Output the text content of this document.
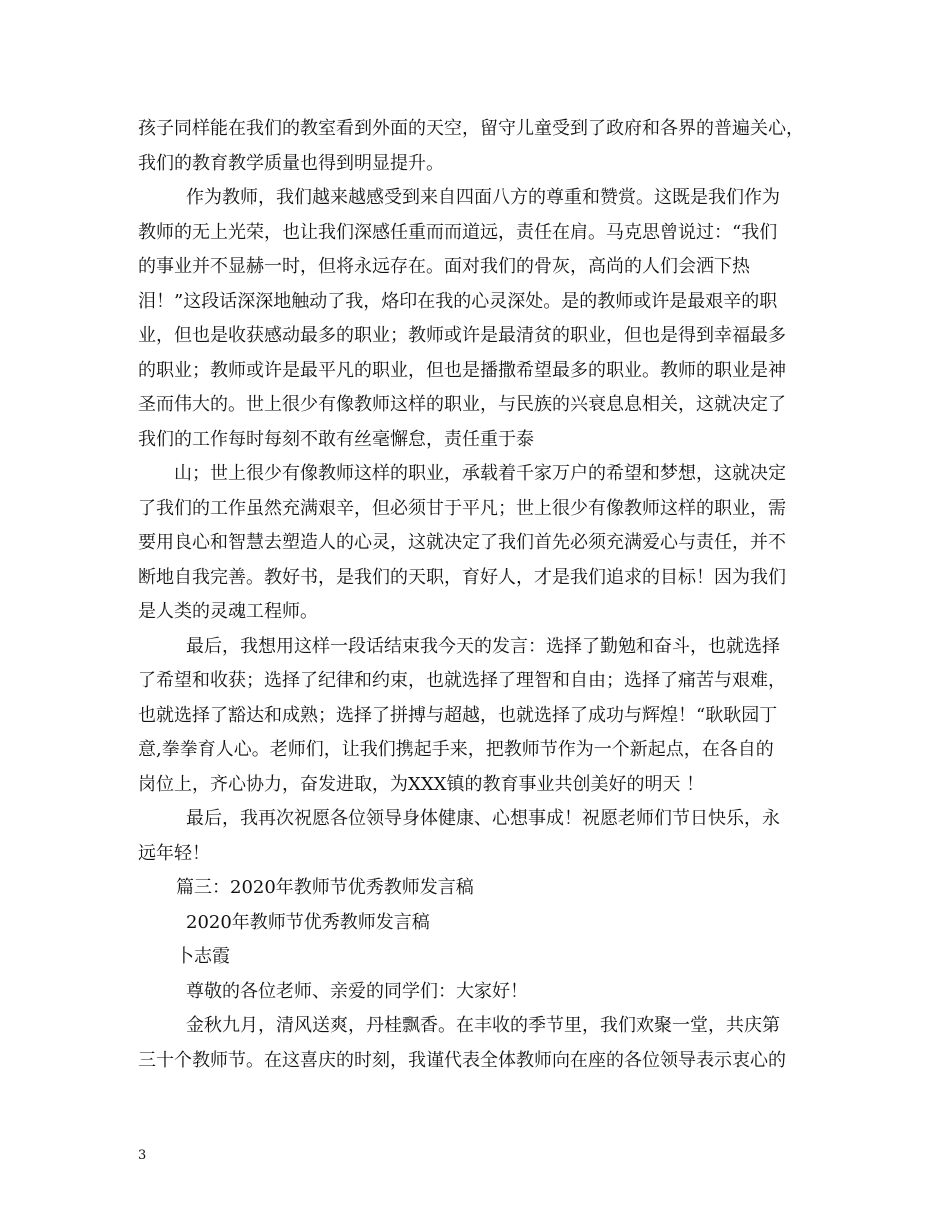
孩子同样能在我们的教室看到外面的天空，留守儿童受到了政府和各界的普遍关心，
我们的教育教学质量也得到明显提升。
作为教师，我们越来越感受到来自四面八方的尊重和赞赏。这既是我们作为
教师的无上光荣，也让我们深感任重而而道远，责任在肩。马克思曾说过：“我们
的事业并不显赫一时，但将永远存在。面对我们的骨灰，高尚的人们会洒下热
泪！”这段话深深地触动了我，烙印在我的心灵深处。是的教师或许是最艰辛的职
业，但也是收获感动最多的职业；教师或许是最清贫的职业，但也是得到幸福最多
的职业；教师或许是最平凡的职业，但也是播撒希望最多的职业。教师的职业是神
圣而伟大的。世上很少有像教师这样的职业，与民族的兴衰息息相关，这就决定了
我们的工作每时每刻不敢有丝毫懈怠，责任重于泰
山；世上很少有像教师这样的职业，承载着千家万户的希望和梦想，这就决定
了我们的工作虽然充满艰辛，但必须甘于平凡；世上很少有像教师这样的职业，需
要用良心和智慧去塑造人的心灵，这就决定了我们首先必须充满爱心与责任，并不
断地自我完善。教好书，是我们的天职，育好人，才是我们追求的目标！因为我们
是人类的灵魂工程师。
最后，我想用这样一段话结束我今天的发言：选择了勤勉和奋斗，也就选择
了希望和收获；选择了纪律和约束，也就选择了理智和自由；选择了痛苦与艰难，
也就选择了豁达和成熟；选择了拼搏与超越，也就选择了成功与辉煌！“耿耿园丁
意,拳拳育人心。老师们，让我们携起手来，把教师节作为一个新起点，在各自的
岗位上，齐心协力，奋发进取，为XXX镇的教育事业共创美好的明天 ！
最后，我再次祝愿各位领导身体健康、心想事成！祝愿老师们节日快乐，永
远年轻！
篇三：2020年教师节优秀教师发言稿
2020年教师节优秀教师发言稿
卜志霞
尊敬的各位老师、亲爱的同学们：大家好！
金秋九月，清风送爽，丹桂飘香。在丰收的季节里，我们欢聚一堂，共庆第
三十个教师节。在这喜庆的时刻，我谨代表全体教师向在座的各位领导表示衷心的
3
